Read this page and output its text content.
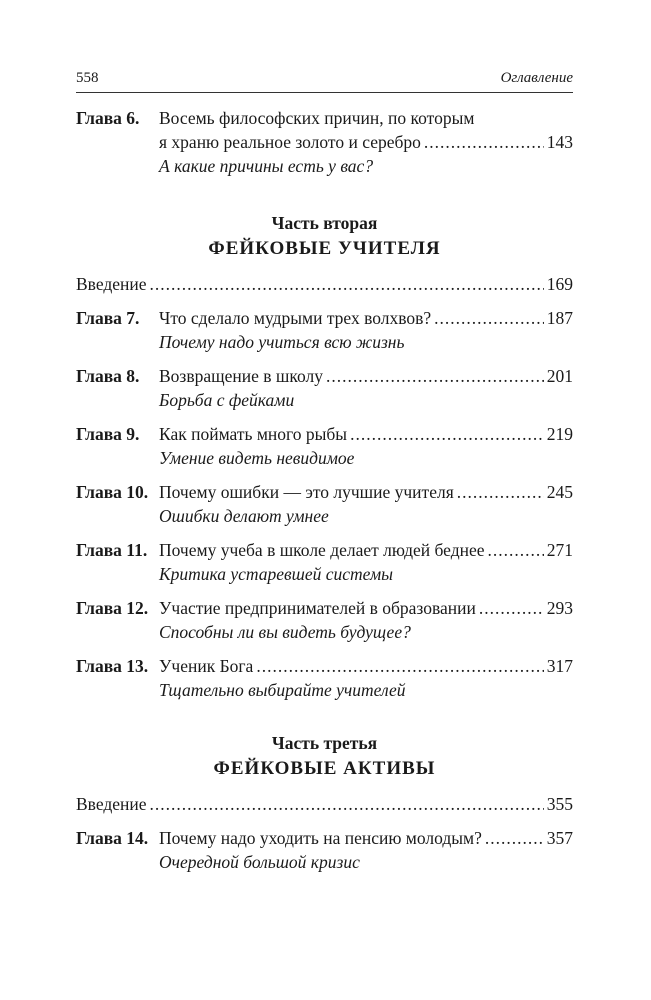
558	Оглавление
Глава 6. Восемь философских причин, по которым
я храню реальное золото и серебро .....	143
А какие причины есть у вас?
Часть вторая
ФЕЙКОВЫЕ УЧИТЕЛЯ
Введение .....	169
Глава 7. Что сделало мудрыми трех волхвов? .....	187
Почему надо учиться всю жизнь
Глава 8. Возвращение в школу .....	201
Борьба с фейками
Глава 9. Как поймать много рыбы .....	219
Умение видеть невидимое
Глава 10. Почему ошибки — это лучшие учителя .....	245
Ошибки делают умнее
Глава 11. Почему учеба в школе делает людей беднее .....	271
Критика устаревшей системы
Глава 12. Участие предпринимателей в образовании .....	293
Способны ли вы видеть будущее?
Глава 13. Ученик Бога .....	317
Тщательно выбирайте учителей
Часть третья
ФЕЙКОВЫЕ АКТИВЫ
Введение .....	355
Глава 14. Почему надо уходить на пенсию молодым? .....	357
Очередной большой кризис
